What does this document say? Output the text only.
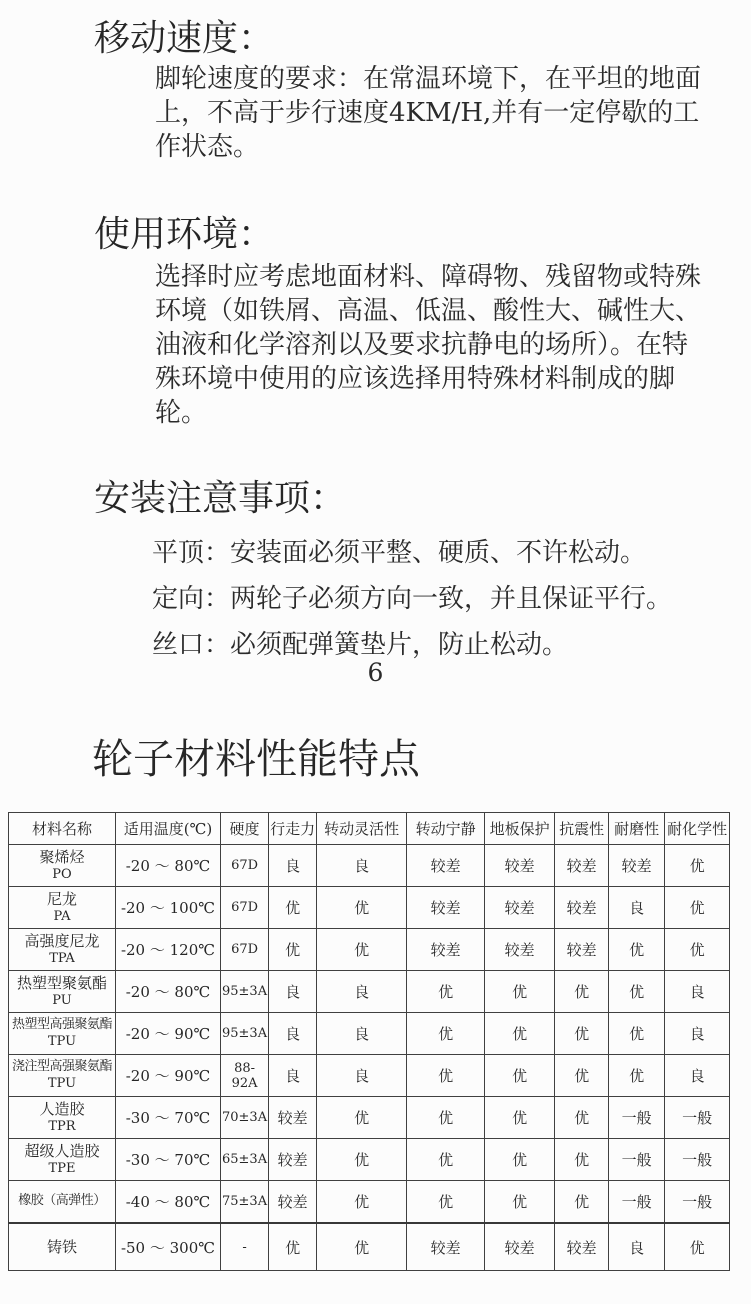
移动速度：

脚轮速度的要求：在常温环境下，在平坦的地面上，不高于步行速度4KM/H,并有一定停歇的工作状态。

使用环境：

选择时应考虑地面材料、障碍物、残留物或特殊环境（如铁屑、高温、低温、酸性大、碱性大、油液和化学溶剂以及要求抗静电的场所）。在特殊环境中使用的应该选择用特殊材料制成的脚轮。

安装注意事项：

平顶：安装面必须平整、硬质、不许松动。

定向：两轮子必须方向一致，并且保证平行。

丝口：必须配弹簧垫片，防止松动。

6
轮子材料性能特点
材料名称	适用温度(℃)	硬度	行走力	转动灵活性	转动宁静	地板保护	抗震性	耐磨性	耐化学性

聚烯烃
PO	-20 ～ 80℃	67D	良	良	较差	较差	较差	较差	优

尼龙
PA	-20 ～ 100℃	67D	优	优	较差	较差	较差	良	优

高强度尼龙
TPA	-20 ～ 120℃	67D	优	优	较差	较差	较差	优	优

热塑型聚氨酯
PU	-20 ～ 80℃	95±3A	良	良	优	优	优	优	良

热塑型高强聚氨酯
TPU	-20 ～ 90℃	95±3A	良	良	优	优	优	优	良

浇注型高强聚氨酯
TPU	-20 ～ 90℃	88-92A	良	良	优	优	优	优	良

人造胶
TPR	-30 ～ 70℃	70±3A	较差	优	优	优	优	一般	一般

超级人造胶
TPE	-30 ～ 70℃	65±3A	较差	优	优	优	优	一般	一般

橡胶（高弹性）	-40 ～ 80℃	75±3A	较差	优	优	优	优	一般	一般

铸铁	-50 ～ 300℃	-	优	优	较差	较差	较差	良	优
